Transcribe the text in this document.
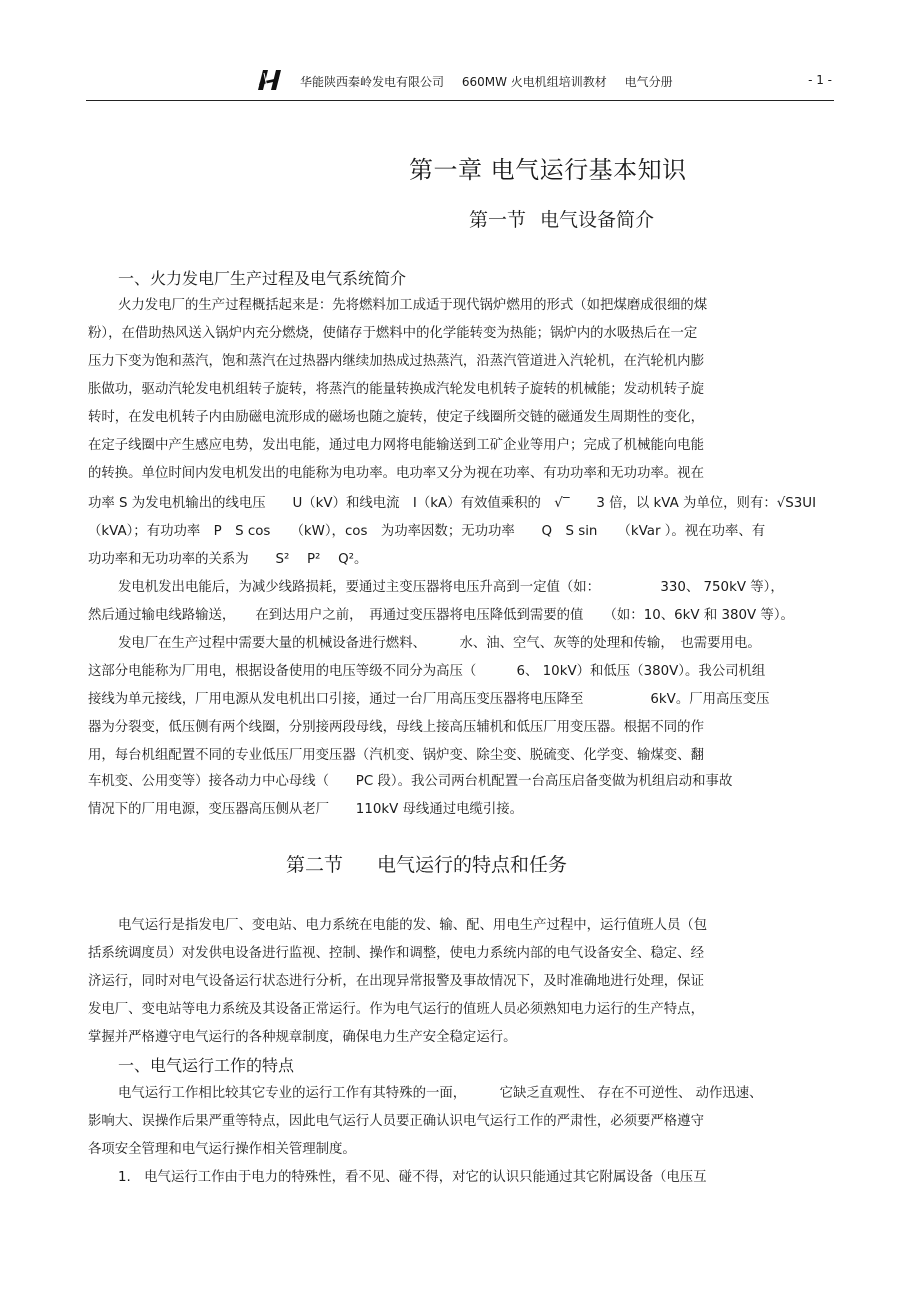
华能陕西秦岭发电有限公司 660MW 火电机组培训教材 电气分册	- 1 -
第一章 电气运行基本知识
第一节 电气设备简介
一、火力发电厂生产过程及电气系统简介
火力发电厂的生产过程概括起来是：先将燃料加工成适于现代锅炉燃用的形式（如把煤磨成很细的煤
粉），在借助热风送入锅炉内充分燃烧，使储存于燃料中的化学能转变为热能；锅炉内的水吸热后在一定
压力下变为饱和蒸汽，饱和蒸汽在过热器内继续加热成过热蒸汽，沿蒸汽管道进入汽轮机，在汽轮机内膨
胀做功，驱动汽轮发电机组转子旋转，将蒸汽的能量转换成汽轮发电机转子旋转的机械能；发动机转子旋
转时，在发电机转子内由励磁电流形成的磁场也随之旋转，使定子线圈所交链的磁通发生周期性的变化，
在定子线圈中产生感应电势，发出电能，通过电力网将电能输送到工矿企业等用户；完成了机械能向电能
的转换。单位时间内发电机发出的电能称为电功率。电功率又分为视在功率、有功功率和无功功率。视在
功率 S 为发电机输出的线电压　　U（kV）和线电流　I（kA）有效值乘积的　√‾　　3 倍，以 kVA 为单位，则有：√S3UI
（kVA）；有功功率　P　S cos　　（kW），cos　为功率因数；无功功率　　Q　S sin　　（kVar ）。视在功率、有
功功率和无功功率的关系为　　S²　 P²　 Q²。
发电机发出电能后，为减少线路损耗，要通过主变压器将电压升高到一定值（如：　　　　　330、 750kV 等），
然后通过输电线路输送，　　在到达用户之前，　再通过变压器将电压降低到需要的值　　（如：10、6kV 和 380V 等）。
发电厂在生产过程中需要大量的机械设备进行燃料、　　　水、油、空气、灰等的处理和传输，　也需要用电。
这部分电能称为厂用电，根据设备使用的电压等级不同分为高压（　　　6、 10kV）和低压（380V）。我公司机组
接线为单元接线，厂用电源从发电机出口引接，通过一台厂用高压变压器将电压降至　　　　　6kV。厂用高压变压
器为分裂变，低压侧有两个线圈，分别接两段母线，母线上接高压辅机和低压厂用变压器。根据不同的作
用，每台机组配置不同的专业低压厂用变压器（汽机变、锅炉变、除尘变、脱硫变、化学变、输煤变、翻
车机变、公用变等）接各动力中心母线（　　PC 段）。我公司两台机配置一台高压启备变做为机组启动和事故
情况下的厂用电源，变压器高压侧从老厂　　110kV 母线通过电缆引接。
第二节 电气运行的特点和任务
电气运行是指发电厂、变电站、电力系统在电能的发、输、配、用电生产过程中，运行值班人员（包
括系统调度员）对发供电设备进行监视、控制、操作和调整，使电力系统内部的电气设备安全、稳定、经
济运行，同时对电气设备运行状态进行分析，在出现异常报警及事故情况下，及时准确地进行处理，保证
发电厂、变电站等电力系统及其设备正常运行。作为电气运行的值班人员必须熟知电力运行的生产特点，
掌握并严格遵守电气运行的各种规章制度，确保电力生产安全稳定运行。
一、电气运行工作的特点
电气运行工作相比较其它专业的运行工作有其特殊的一面，　　　它缺乏直观性、 存在不可逆性、 动作迅速、
影响大、误操作后果严重等特点，因此电气运行人员要正确认识电气运行工作的严肃性，必须要严格遵守
各项安全管理和电气运行操作相关管理制度。
1.　电气运行工作由于电力的特殊性，看不见、碰不得，对它的认识只能通过其它附属设备（电压互
